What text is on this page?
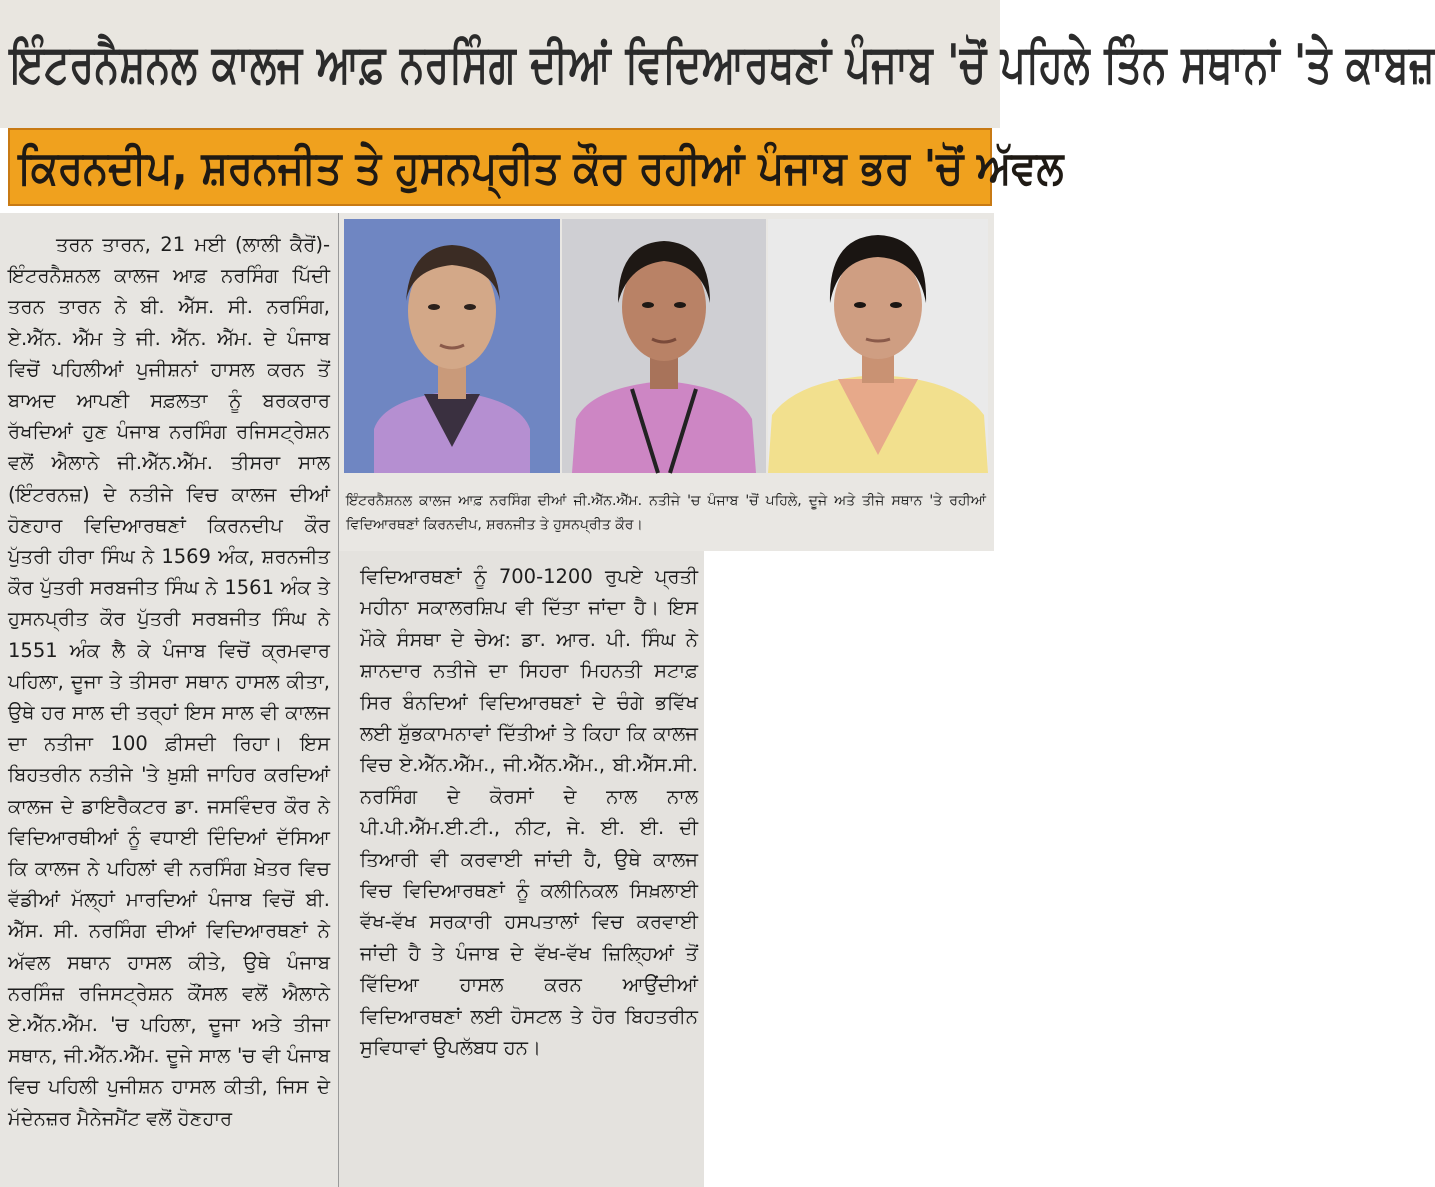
ਇੰਟਰਨੈਸ਼ਨਲ ਕਾਲਜ ਆਫ਼ ਨਰਸਿੰਗ ਦੀਆਂ ਵਿਦਿਆਰਥਣਾਂ ਪੰਜਾਬ 'ਚੋਂ ਪਹਿਲੇ ਤਿੰਨ ਸਥਾਨਾਂ 'ਤੇ ਕਾਬਜ਼
ਕਿਰਨਦੀਪ, ਸ਼ਰਨਜੀਤ ਤੇ ਹੁਸਨਪ੍ਰੀਤ ਕੌਰ ਰਹੀਆਂ ਪੰਜਾਬ ਭਰ 'ਚੋਂ ਅੱਵਲ
ਤਰਨ ਤਾਰਨ, 21 ਮਈ (ਲਾਲੀ ਕੈਰੋਂ)- ਇੰਟਰਨੈਸ਼ਨਲ ਕਾਲਜ ਆਫ਼ ਨਰਸਿੰਗ ਪਿੱਦੀ ਤਰਨ ਤਾਰਨ ਨੇ ਬੀ. ਐੱਸ. ਸੀ. ਨਰਸਿੰਗ, ਏ.ਐੱਨ. ਐੱਮ ਤੇ ਜੀ. ਐੱਨ. ਐੱਮ. ਦੇ ਪੰਜਾਬ ਵਿਚੋਂ ਪਹਿਲੀਆਂ ਪੁਜੀਸ਼ਨਾਂ ਹਾਸਲ ਕਰਨ ਤੋਂ ਬਾਅਦ ਆਪਣੀ ਸਫ਼ਲਤਾ ਨੂੰ ਬਰਕਰਾਰ ਰੱਖਦਿਆਂ ਹੁਣ ਪੰਜਾਬ ਨਰਸਿੰਗ ਰਜਿਸਟ੍ਰੇਸ਼ਨ ਵਲੋਂ ਐਲਾਨੇ ਜੀ.ਐੱਨ.ਐੱਮ. ਤੀਸਰਾ ਸਾਲ (ਇੰਟਰਨਜ਼) ਦੇ ਨਤੀਜੇ ਵਿਚ ਕਾਲਜ ਦੀਆਂ ਹੋਣਹਾਰ ਵਿਦਿਆਰਥਣਾਂ ਕਿਰਨਦੀਪ ਕੌਰ ਪੁੱਤਰੀ ਹੀਰਾ ਸਿੰਘ ਨੇ 1569 ਅੰਕ, ਸ਼ਰਨਜੀਤ ਕੌਰ ਪੁੱਤਰੀ ਸਰਬਜੀਤ ਸਿੰਘ ਨੇ 1561 ਅੰਕ ਤੇ ਹੁਸਨਪ੍ਰੀਤ ਕੌਰ ਪੁੱਤਰੀ ਸਰਬਜੀਤ ਸਿੰਘ ਨੇ 1551 ਅੰਕ ਲੈ ਕੇ ਪੰਜਾਬ ਵਿਚੋਂ ਕ੍ਰਮਵਾਰ ਪਹਿਲਾ, ਦੂਜਾ ਤੇ ਤੀਸਰਾ ਸਥਾਨ ਹਾਸਲ ਕੀਤਾ, ਉਥੇ ਹਰ ਸਾਲ ਦੀ ਤਰ੍ਹਾਂ ਇਸ ਸਾਲ ਵੀ ਕਾਲਜ ਦਾ ਨਤੀਜਾ 100 ਫ਼ੀਸਦੀ ਰਿਹਾ। ਇਸ ਬਿਹਤਰੀਨ ਨਤੀਜੇ 'ਤੇ ਖ਼ੁਸ਼ੀ ਜਾਹਿਰ ਕਰਦਿਆਂ ਕਾਲਜ ਦੇ ਡਾਇਰੈਕਟਰ ਡਾ. ਜਸਵਿੰਦਰ ਕੌਰ ਨੇ ਵਿਦਿਆਰਥੀਆਂ ਨੂੰ ਵਧਾਈ ਦਿੰਦਿਆਂ ਦੱਸਿਆ ਕਿ ਕਾਲਜ ਨੇ ਪਹਿਲਾਂ ਵੀ ਨਰਸਿੰਗ ਖ਼ੇਤਰ ਵਿਚ ਵੱਡੀਆਂ ਮੱਲ੍ਹਾਂ ਮਾਰਦਿਆਂ ਪੰਜਾਬ ਵਿਚੋਂ ਬੀ. ਐੱਸ. ਸੀ. ਨਰਸਿੰਗ ਦੀਆਂ ਵਿਦਿਆਰਥਣਾਂ ਨੇ ਅੱਵਲ ਸਥਾਨ ਹਾਸਲ ਕੀਤੇ, ਉਥੇ ਪੰਜਾਬ ਨਰਸਿੰਜ਼ ਰਜਿਸਟ੍ਰੇਸ਼ਨ ਕੌਂਸਲ ਵਲੋਂ ਐਲਾਨੇ ਏ.ਐੱਨ.ਐੱਮ. 'ਚ ਪਹਿਲਾ, ਦੂਜਾ ਅਤੇ ਤੀਜਾ ਸਥਾਨ, ਜੀ.ਐੱਨ.ਐੱਮ. ਦੂਜੇ ਸਾਲ 'ਚ ਵੀ ਪੰਜਾਬ ਵਿਚ ਪਹਿਲੀ ਪੁਜੀਸ਼ਨ ਹਾਸਲ ਕੀਤੀ, ਜਿਸ ਦੇ ਮੱਦੇਨਜ਼ਰ ਮੈਨੇਜਮੈਂਟ ਵਲੋਂ ਹੋਣਹਾਰ
ਇੰਟਰਨੈਸ਼ਨਲ ਕਾਲਜ ਆਫ਼ ਨਰਸਿੰਗ ਦੀਆਂ ਜੀ.ਐੱਨ.ਐੱਮ. ਨਤੀਜੇ 'ਚ ਪੰਜਾਬ 'ਚੋਂ ਪਹਿਲੇ, ਦੂਜੇ ਅਤੇ ਤੀਜੇ ਸਥਾਨ 'ਤੇ ਰਹੀਆਂ ਵਿਦਿਆਰਥਣਾਂ ਕਿਰਨਦੀਪ, ਸ਼ਰਨਜੀਤ ਤੇ ਹੁਸਨਪ੍ਰੀਤ ਕੌਰ।
ਵਿਦਿਆਰਥਣਾਂ ਨੂੰ 700-1200 ਰੁਪਏ ਪ੍ਰਤੀ ਮਹੀਨਾ ਸਕਾਲਰਸ਼ਿਪ ਵੀ ਦਿੱਤਾ ਜਾਂਦਾ ਹੈ। ਇਸ ਮੌਕੇ ਸੰਸਥਾ ਦੇ ਚੇਅ: ਡਾ. ਆਰ. ਪੀ. ਸਿੰਘ ਨੇ ਸ਼ਾਨਦਾਰ ਨਤੀਜੇ ਦਾ ਸਿਹਰਾ ਮਿਹਨਤੀ ਸਟਾਫ਼ ਸਿਰ ਬੰਨਦਿਆਂ ਵਿਦਿਆਰਥਣਾਂ ਦੇ ਚੰਗੇ ਭਵਿੱਖ ਲਈ ਸ਼ੁੱਭਕਾਮਨਾਵਾਂ ਦਿੱਤੀਆਂ ਤੇ ਕਿਹਾ ਕਿ ਕਾਲਜ ਵਿਚ ਏ.ਐੱਨ.ਐੱਮ., ਜੀ.ਐੱਨ.ਐੱਮ., ਬੀ.ਐੱਸ.ਸੀ. ਨਰਸਿੰਗ ਦੇ ਕੋਰਸਾਂ ਦੇ ਨਾਲ ਨਾਲ ਪੀ.ਪੀ.ਐੱਮ.ਈ.ਟੀ., ਨੀਟ, ਜੇ. ਈ. ਈ. ਦੀ ਤਿਆਰੀ ਵੀ ਕਰਵਾਈ ਜਾਂਦੀ ਹੈ, ਉਥੇ ਕਾਲਜ ਵਿਚ ਵਿਦਿਆਰਥਣਾਂ ਨੂੰ ਕਲੀਨਿਕਲ ਸਿਖ਼ਲਾਈ ਵੱਖ-ਵੱਖ ਸਰਕਾਰੀ ਹਸਪਤਾਲਾਂ ਵਿਚ ਕਰਵਾਈ ਜਾਂਦੀ ਹੈ ਤੇ ਪੰਜਾਬ ਦੇ ਵੱਖ-ਵੱਖ ਜ਼ਿਲ੍ਹਿਆਂ ਤੋਂ ਵਿੱਦਿਆ ਹਾਸਲ ਕਰਨ ਆਉਂਦੀਆਂ ਵਿਦਿਆਰਥਣਾਂ ਲਈ ਹੋਸਟਲ ਤੇ ਹੋਰ ਬਿਹਤਰੀਨ ਸੁਵਿਧਾਵਾਂ ਉਪਲੱਬਧ ਹਨ।
